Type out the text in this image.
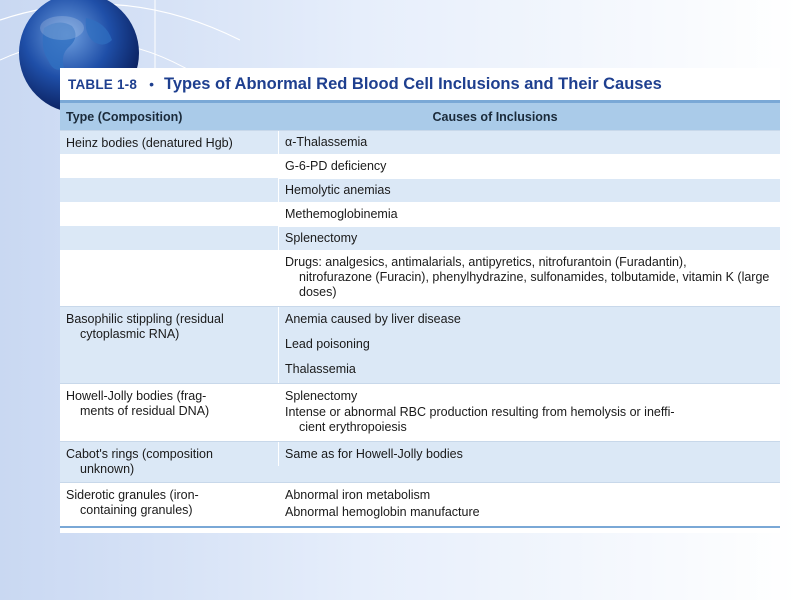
TABLE 1-8 • Types of Abnormal Red Blood Cell Inclusions and Their Causes
Type (Composition)	Causes of Inclusions
Heinz bodies (denatured Hgb)	α-Thalassemia
G-6-PD deficiency
Hemolytic anemias
Methemoglobinemia
Splenectomy
Drugs: analgesics, antimalarials, antipyretics, nitrofurantoin (Furadantin),
nitrofurazone (Furacin), phenylhydrazine, sulfonamides, tolbutamide, vitamin K (large doses)
Basophilic stippling (residual
cytoplasmic RNA)
Anemia caused by liver disease
Lead poisoning
Thalassemia
Howell-Jolly bodies (frag-
ments of residual DNA)
Splenectomy
Intense or abnormal RBC production resulting from hemolysis or ineffi-
cient erythropoiesis
Cabot's rings (composition
unknown)
Same as for Howell-Jolly bodies
Siderotic granules (iron-
containing granules)
Abnormal iron metabolism
Abnormal hemoglobin manufacture
